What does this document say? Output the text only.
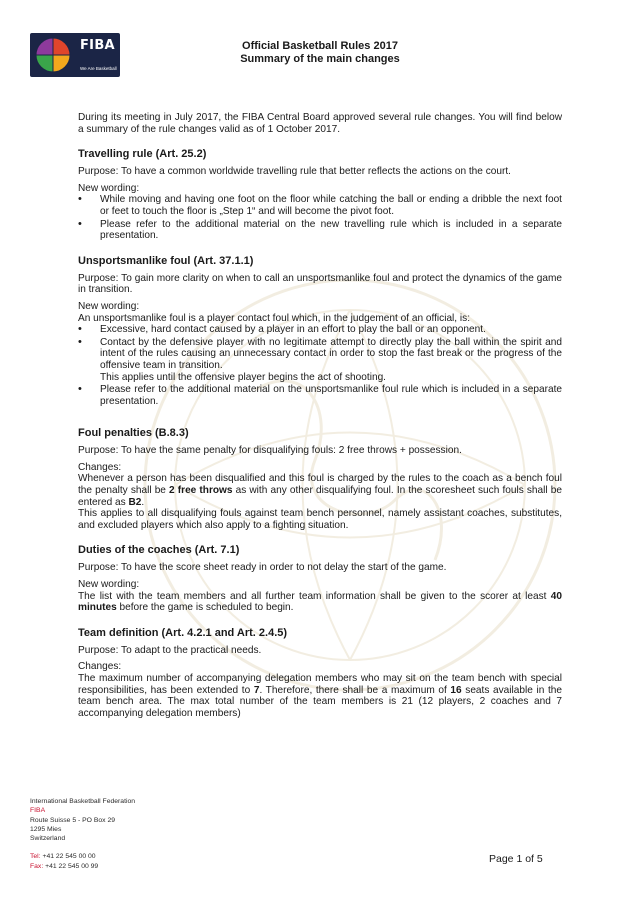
FIBA
We Are Basketball
Official Basketball Rules 2017
Summary of the main changes

During its meeting in July 2017, the FIBA Central Board approved several rule changes. You will find below a summary of the rule changes valid as of 1 October 2017.

Travelling rule (Art. 25.2)

Purpose: To have a common worldwide travelling rule that better reflects the actions on the court.

New wording:

• While moving and having one foot on the floor while catching the ball or ending a dribble the next foot or feet to touch the floor is „Step 1“ and will become the pivot foot.
• Please refer to the additional material on the new travelling rule which is included in a separate presentation.
Unsportsmanlike foul (Art. 37.1.1)

Purpose: To gain more clarity on when to call an unsportsmanlike foul and protect the dynamics of the game in transition.

New wording:

An unsportsmanlike foul is a player contact foul which, in the judgement of an official, is:

• Excessive, hard contact caused by a player in an effort to play the ball or an opponent.
• Contact by the defensive player with no legitimate attempt to directly play the ball within the spirit and intent of the rules causing an unnecessary contact in order to stop the fast break or the progress of the offensive team in transition.
This applies until the offensive player begins the act of shooting.
• Please refer to the additional material on the unsportsmanlike foul rule which is included in a separate presentation.
Foul penalties (B.8.3)

Purpose: To have the same penalty for disqualifying fouls: 2 free throws + possession.

Changes:

Whenever a person has been disqualified and this foul is charged by the rules to the coach as a bench foul the penalty shall be 2 free throws as with any other disqualifying foul. In the scoresheet such fouls shall be entered as B2.

This applies to all disqualifying fouls against team bench personnel, namely assistant coaches, substitutes, and excluded players which also apply to a fighting situation.

Duties of the coaches (Art. 7.1)

Purpose: To have the score sheet ready in order to not delay the start of the game.

New wording:

The list with the team members and all further team information shall be given to the scorer at least 40 minutes before the game is scheduled to begin.

Team definition (Art. 4.2.1 and Art. 2.4.5)

Purpose: To adapt to the practical needs.

Changes:

The maximum number of accompanying delegation members who may sit on the team bench with special responsibilities, has been extended to 7. Therefore, there shall be a maximum of 16 seats available in the team bench area. The max total number of the team members is 21 (12 players, 2 coaches and 7 accompanying delegation members)

International Basketball Federation
FIBA
Route Suisse 5 - PO Box 29
1295 Mies
Switzerland
Tel: +41 22 545 00 00
Fax: +41 22 545 00 99
Page 1 of 5
